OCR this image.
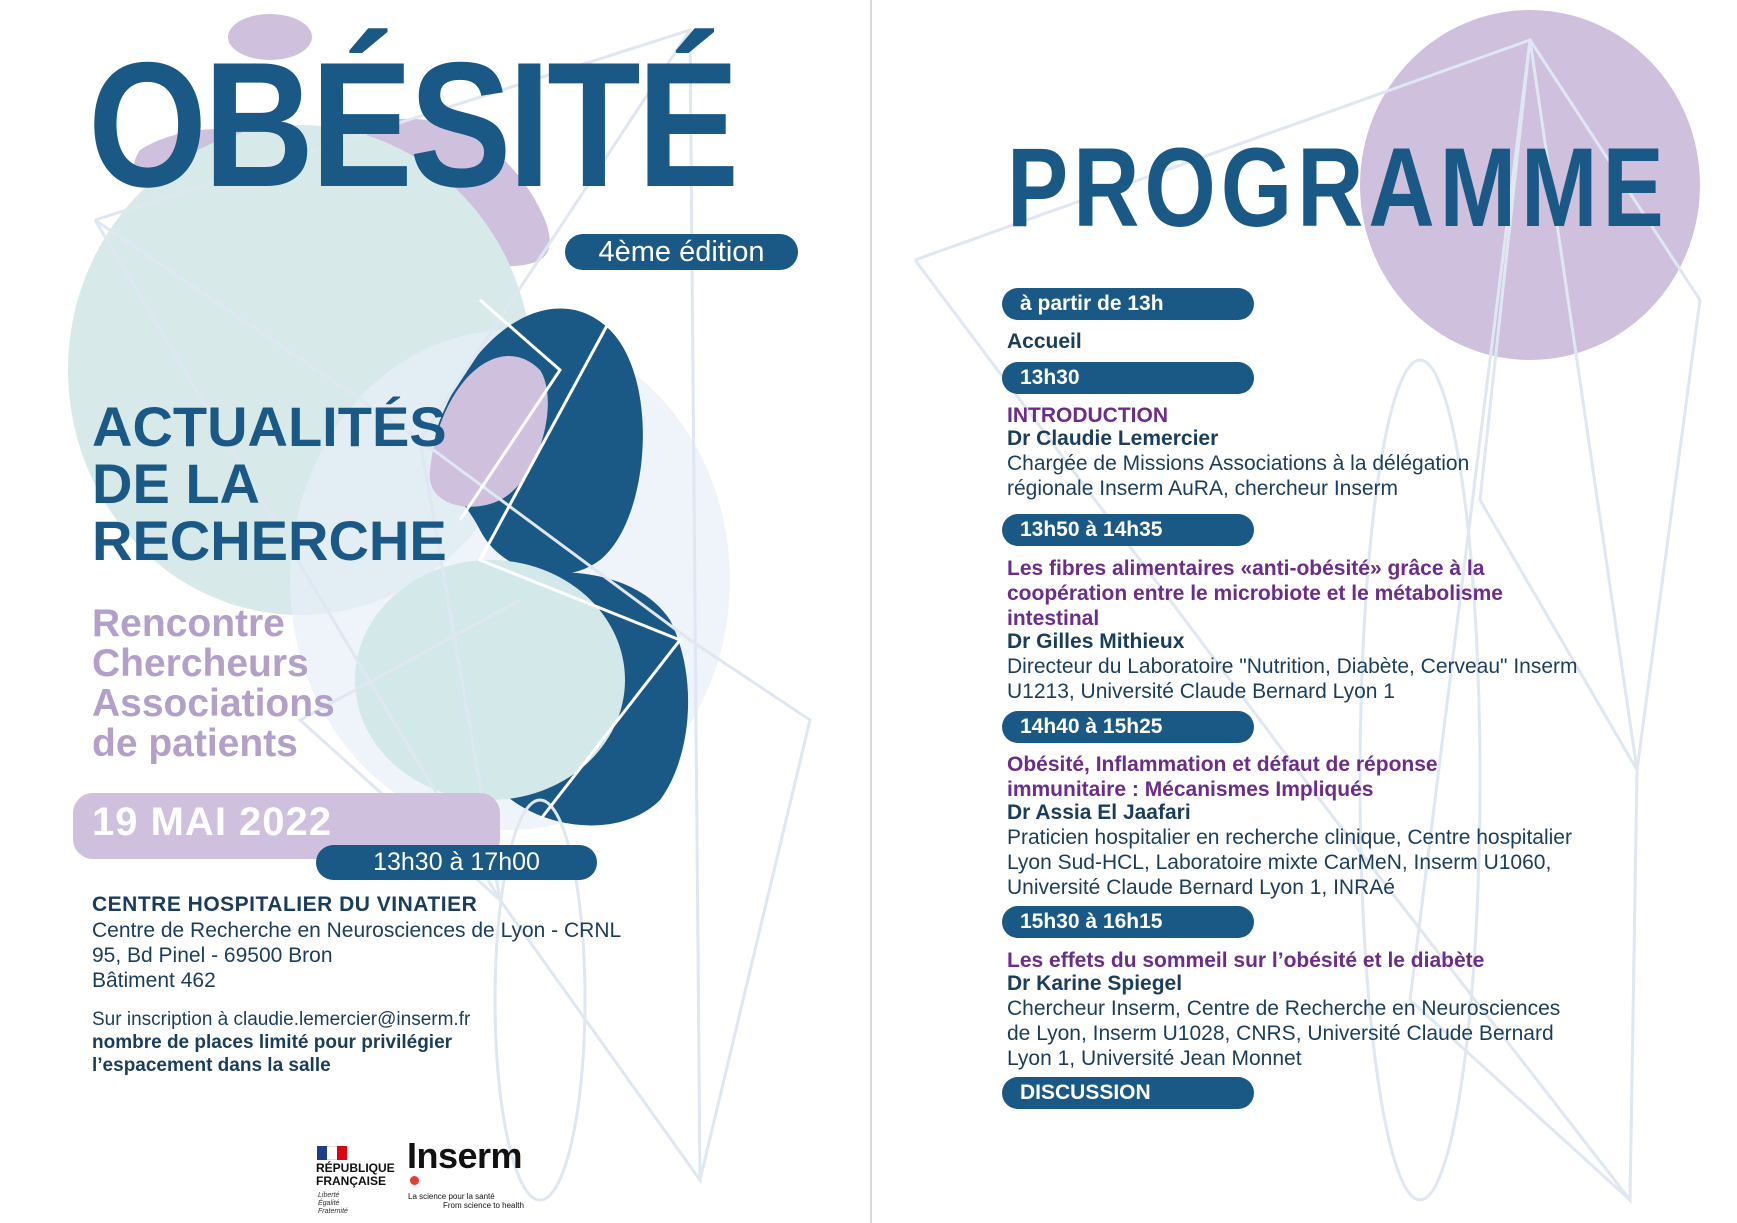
OBÉSITÉ
4ème édition
ACTUALITÉS
DE LA
RECHERCHE
Rencontre
Chercheurs
Associations
de patients
19 MAI 2022
13h30 à 17h00
CENTRE HOSPITALIER DU VINATIER
Centre de Recherche en Neurosciences de Lyon - CRNL
95, Bd Pinel - 69500 Bron
Bâtiment 462
Sur inscription à claudie.lemercier@inserm.fr
nombre de places limité pour privilégier
l’espacement dans la salle
RÉPUBLIQUE
FRANÇAISE
Liberté
Égalité
Fraternité
Inserm
La science pour la santé
From science to health
PROGRAMME
à partir de 13h
Accueil
13h30
INTRODUCTION
Dr Claudie Lemercier
Chargée de Missions Associations à la délégation
régionale Inserm AuRA, chercheur Inserm
13h50 à 14h35
Les fibres alimentaires «anti-obésité» grâce à la
coopération entre le microbiote et le métabolisme
intestinal
Dr Gilles Mithieux
Directeur du Laboratoire "Nutrition, Diabète, Cerveau" Inserm
U1213, Université Claude Bernard Lyon 1
14h40 à 15h25
Obésité, Inflammation et défaut de réponse
immunitaire : Mécanismes Impliqués
Dr Assia El Jaafari
Praticien hospitalier en recherche clinique, Centre hospitalier
Lyon Sud-HCL, Laboratoire mixte CarMeN, Inserm U1060,
Université Claude Bernard Lyon 1, INRAé
15h30 à 16h15
Les effets du sommeil sur l’obésité et le diabète
Dr Karine Spiegel
Chercheur Inserm, Centre de Recherche en Neurosciences
de Lyon, Inserm U1028, CNRS, Université Claude Bernard
Lyon 1, Université Jean Monnet
DISCUSSION
